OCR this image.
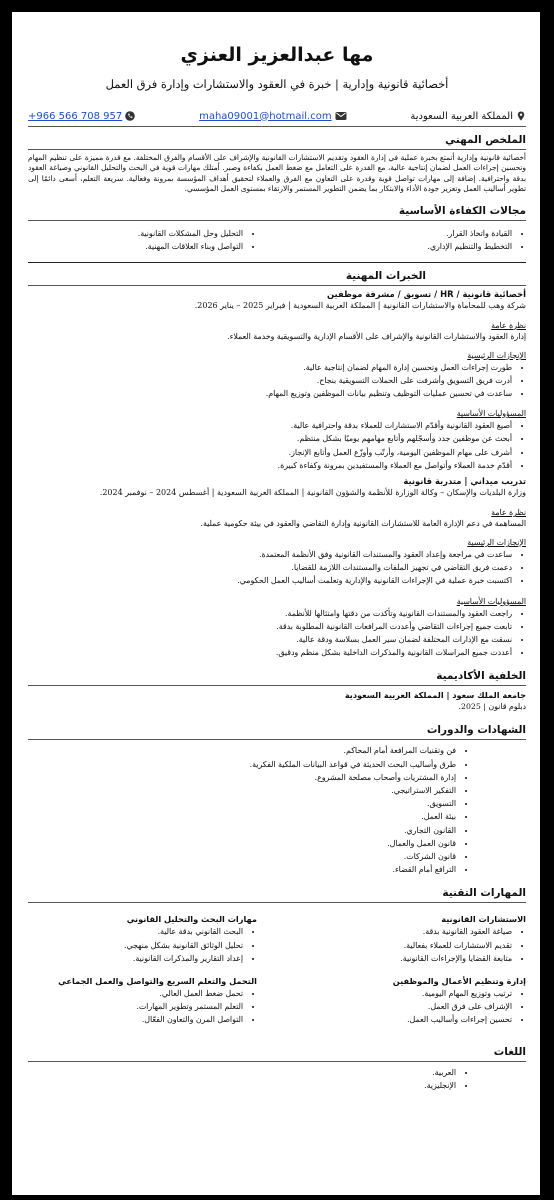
مها عبدالعزيز العنزي
أخصائية قانونية وإدارية | خبرة في العقود والاستشارات وإدارة فرق العمل
المملكة العربية السعودية
maha09001@hotmail.com
+966 566 708 957
الملخص المهني
أخصائية قانونية وإدارية أتمتع بخبرة عملية في إدارة العقود وتقديم الاستشارات القانونية والإشراف على الأقسام والفرق المختلفة. مع قدرة مميزة على تنظيم المهام وتحسين إجراءات العمل لضمان إنتاجية عالية، مع القدرة على التعامل مع ضغط العمل بكفاءة وصبر. أمتلك مهارات قوية في البحث والتحليل القانوني وصياغة العقود بدقة واحترافية. إضافة إلى مهارات تواصل قوية وقدرة على التعاون مع الفرق والعملاء لتحقيق أهداف المؤسسة بمرونة وفعالية. سريعة التعلم، أسعى دائمًا إلى تطوير أساليب العمل وتعزيز جودة الأداء والابتكار بما يضمن التطوير المستمر والارتقاء بمستوى العمل المؤسسي.
مجالات الكفاءة الأساسية
• القيادة واتخاذ القرار.
• التخطيط والتنظيم الإداري.
• التحليل وحل المشكلات القانونية.
• التواصل وبناء العلاقات المهنية.
الخبرات المهنية
أخصائية قانونية / HR / تسويق / مشرفة موظفين
شركة وهب للمحاماة والاستشارات القانونية | المملكة العربية السعودية | فبراير 2025 – يناير 2026.
نظرة عامة
إدارة العقود والاستشارات القانونية والإشراف على الأقسام الإدارية والتسويقية وخدمة العملاء.
الإنجازات الرئيسية
• طورت إجراءات العمل وتحسين إدارة المهام لضمان إنتاجية عالية.
• أدرت فريق التسويق وأشرفت على الحملات التسويقية بنجاح.
• ساعدت في تحسين عمليات التوظيف وتنظيم بيانات الموظفين وتوزيع المهام.
المسؤوليات الأساسية
• أصيغ العقود القانونية وأقدّم الاستشارات للعملاء بدقة واحترافية عالية.
• أبحث عن موظفين جدد وأسجّلهم وأتابع مهامهم يوميًا بشكل منتظم.
• أشرف على مهام الموظفين اليومية، وأرتّب وأوزّع العمل وأتابع الإنجاز.
• أقدّم خدمة العملاء وأتواصل مع العملاء والمستفيدين بمرونة وكفاءة كبيرة.
تدريب ميداني | متدربة قانونية
وزارة البلديات والإسكان – وكالة الوزارة للأنظمة والشؤون القانونية | المملكة العربية السعودية | أغسطس 2024 – نوفمبر 2024.
نظرة عامة
المساهمة في دعم الإدارة العامة للاستشارات القانونية وإدارة التقاضي والعقود في بيئة حكومية عملية.
الإنجازات الرئيسية
• ساعدت في مراجعة وإعداد العقود والمستندات القانونية وفق الأنظمة المعتمدة.
• دعمت فريق التقاضي في تجهيز الملفات والمستندات اللازمة للقضايا.
• اكتسبت خبرة عملية في الإجراءات القانونية والإدارية وتعلمت أساليب العمل الحكومي.
المسؤوليات الأساسية
• راجعت العقود والمستندات القانونية وتأكدت من دقتها وامتثالها للأنظمة.
• تابعت جميع إجراءات التقاضي وأعددت المرافعات القانونية المطلوبة بدقة.
• نسقت مع الإدارات المختلفة لضمان سير العمل بسلاسة ودقة عالية.
• أعددت جميع المراسلات القانونية والمذكرات الداخلية بشكل منظم ودقيق.
الخلفية الأكاديمية
جامعة الملك سعود | المملكة العربية السعودية
دبلوم قانون | 2025.
الشهادات والدورات
• فن وتقنيات المرافعة أمام المحاكم.
• طرق وأساليب البحث الحديثة في قواعد البيانات الملكية الفكرية.
• إدارة المشتريات وأصحاب مصلحة المشروع.
• التفكير الاستراتيجي.
• التسويق.
• بيئة العمل.
• القانون التجاري.
• قانون العمل والعمال.
• قانون الشركات.
• الترافع أمام القضاء.
المهارات التقنية
الاستشارات القانونية
• صياغة العقود القانونية بدقة.
• تقديم الاستشارات للعملاء بفعالية.
• متابعة القضايا والإجراءات القانونية.
مهارات البحث والتحليل القانوني
• البحث القانوني بدقة عالية.
• تحليل الوثائق القانونية بشكل منهجي.
• إعداد التقارير والمذكرات القانونية.
إدارة وتنظيم الأعمال والموظفين
• ترتيب وتوزيع المهام اليومية.
• الإشراف على فرق العمل.
• تحسين إجراءات وأساليب العمل.
التحمل والتعلم السريع والتواصل والعمل الجماعي
• تحمل ضغط العمل العالي.
• التعلم المستمر وتطوير المهارات.
• التواصل المرن والتعاون الفعّال.
اللغات
• العربية.
• الإنجليزية.
